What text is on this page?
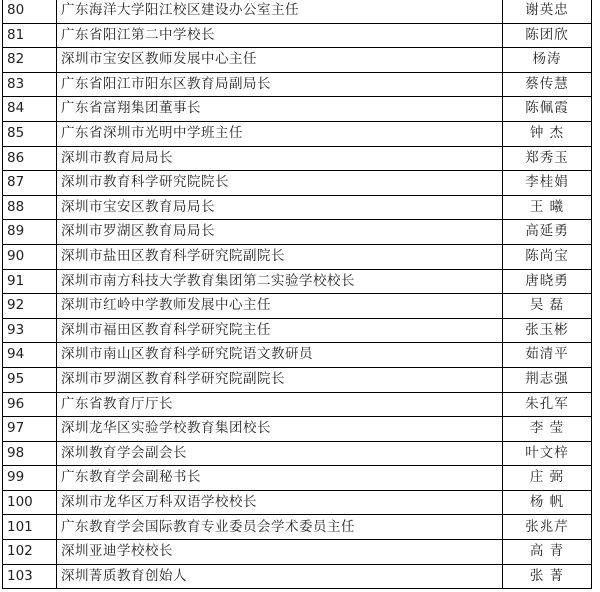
80	广东海洋大学阳江校区建设办公室主任	谢英忠
81	广东省阳江第二中学校长	陈团欣
82	深圳市宝安区教师发展中心主任	杨涛
83	广东省阳江市阳东区教育局副局长	蔡传慧
84	广东省富翔集团董事长	陈佩霞
85	广东省深圳市光明中学班主任	钟 杰
86	深圳市教育局局长	郑秀玉
87	深圳市教育科学研究院院长	李桂娟
88	深圳市宝安区教育局局长	王 曦
89	深圳市罗湖区教育局局长	高延勇
90	深圳市盐田区教育科学研究院副院长	陈尚宝
91	深圳市南方科技大学教育集团第二实验学校校长	唐晓勇
92	深圳市红岭中学教师发展中心主任	吴 磊
93	深圳市福田区教育科学研究院主任	张玉彬
94	深圳市南山区教育科学研究院语文教研员	茹清平
95	深圳市罗湖区教育科学研究院副院长	荆志强
96	广东省教育厅厅长	朱孔军
97	深圳龙华区实验学校教育集团校长	李 莹
98	深圳教育学会副会长	叶文梓
99	广东教育学会副秘书长	庄 弼
100	深圳市龙华区万科双语学校校长	杨 帆
101	广东教育学会国际教育专业委员会学术委员主任	张兆芹
102	深圳亚迪学校校长	高 青
103	深圳菁质教育创始人	张 菁
